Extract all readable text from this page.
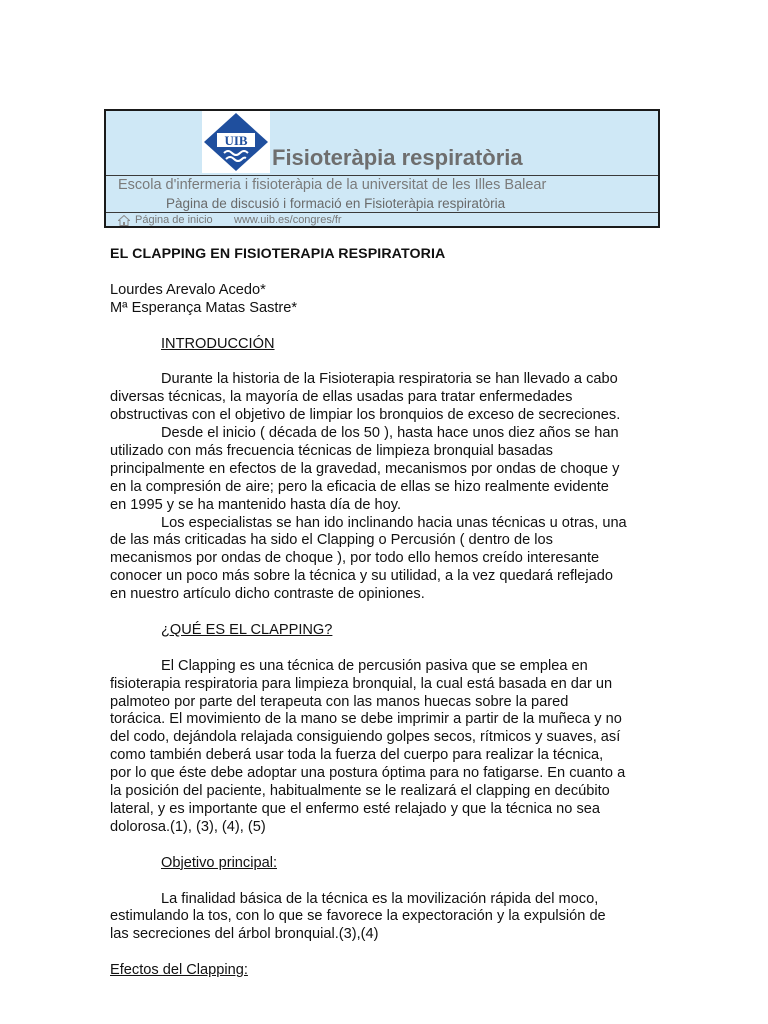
UIB
Fisioteràpia respiratòria
Escola d'infermeria i fisioteràpia de la universitat de les Illes Balear
Pàgina de discusió i formació en Fisioteràpia respiratòria
Página de inicio www.uib.es/congres/fr

EL CLAPPING EN FISIOTERAPIA RESPIRATORIA

Lourdes Arevalo Acedo*

Mª Esperança Matas Sastre*

INTRODUCCIÓN

Durante la historia de la Fisioterapia respiratoria se han llevado a cabo
diversas técnicas, la mayoría de ellas usadas para tratar enfermedades
obstructivas con el objetivo de limpiar los bronquios de exceso de secreciones.

Desde el inicio ( década de los 50 ), hasta hace unos diez años se han
utilizado con más frecuencia técnicas de limpieza bronquial basadas
principalmente en efectos de la gravedad, mecanismos por ondas de choque y
en la compresión de aire; pero la eficacia de ellas se hizo realmente evidente
en 1995 y se ha mantenido hasta día de hoy.

Los especialistas se han ido inclinando hacia unas técnicas u otras, una
de las más criticadas ha sido el Clapping o Percusión ( dentro de los
mecanismos por ondas de choque ), por todo ello hemos creído interesante
conocer un poco más sobre la técnica y su utilidad, a la vez quedará reflejado
en nuestro artículo dicho contraste de opiniones.

¿QUÉ ES EL CLAPPING?

El Clapping es una técnica de percusión pasiva que se emplea en
fisioterapia respiratoria para limpieza bronquial, la cual está basada en dar un
palmoteo por parte del terapeuta con las manos huecas sobre la pared
torácica. El movimiento de la mano se debe imprimir a partir de la muñeca y no
del codo, dejándola relajada consiguiendo golpes secos, rítmicos y suaves, así
como también deberá usar toda la fuerza del cuerpo para realizar la técnica,
por lo que éste debe adoptar una postura óptima para no fatigarse. En cuanto a
la posición del paciente, habitualmente se le realizará el clapping en decúbito
lateral, y es importante que el enfermo esté relajado y que la técnica no sea
dolorosa.(1), (3), (4), (5)

Objetivo principal:

La finalidad básica de la técnica es la movilización rápida del moco,
estimulando la tos, con lo que se favorece la expectoración y la expulsión de
las secreciones del árbol bronquial.(3),(4)

Efectos del Clapping:
